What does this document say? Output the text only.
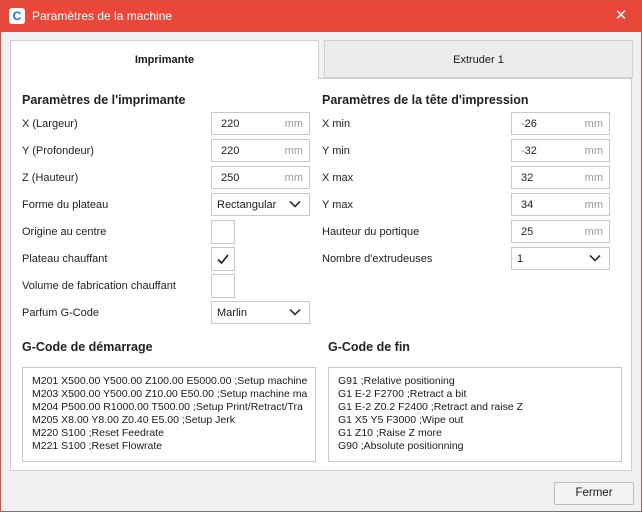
C Paramètres de la machine	✕
Imprimante	Extruder 1
Paramètres de l'imprimante
X (Largeur)	220	mm
Y (Profondeur)	220	mm
Z (Hauteur)	250	mm
Forme du plateau	Rectangular
Origine au centre
Plateau chauffant
Volume de fabrication chauffant
Parfum G-Code	Marlin
Paramètres de la tête d'impression
X min	-26	mm
Y min	-32	mm
X max	32	mm
Y max	34	mm
Hauteur du portique	25	mm
Nombre d'extrudeuses	1
G-Code de démarrage
M201 X500.00 Y500.00 Z100.00 E5000.00 ;Setup machine
M203 X500.00 Y500.00 Z10.00 E50.00 ;Setup machine ma
M204 P500.00 R1000.00 T500.00 ;Setup Print/Retract/Tra
M205 X8.00 Y8.00 Z0.40 E5.00 ;Setup Jerk
M220 S100 ;Reset Feedrate
M221 S100 ;Reset Flowrate
G-Code de fin
G91 ;Relative positioning
G1 E-2 F2700 ;Retract a bit
G1 E-2 Z0.2 F2400 ;Retract and raise Z
G1 X5 Y5 F3000 ;Wipe out
G1 Z10 ;Raise Z more
G90 ;Absolute positionning
Fermer
